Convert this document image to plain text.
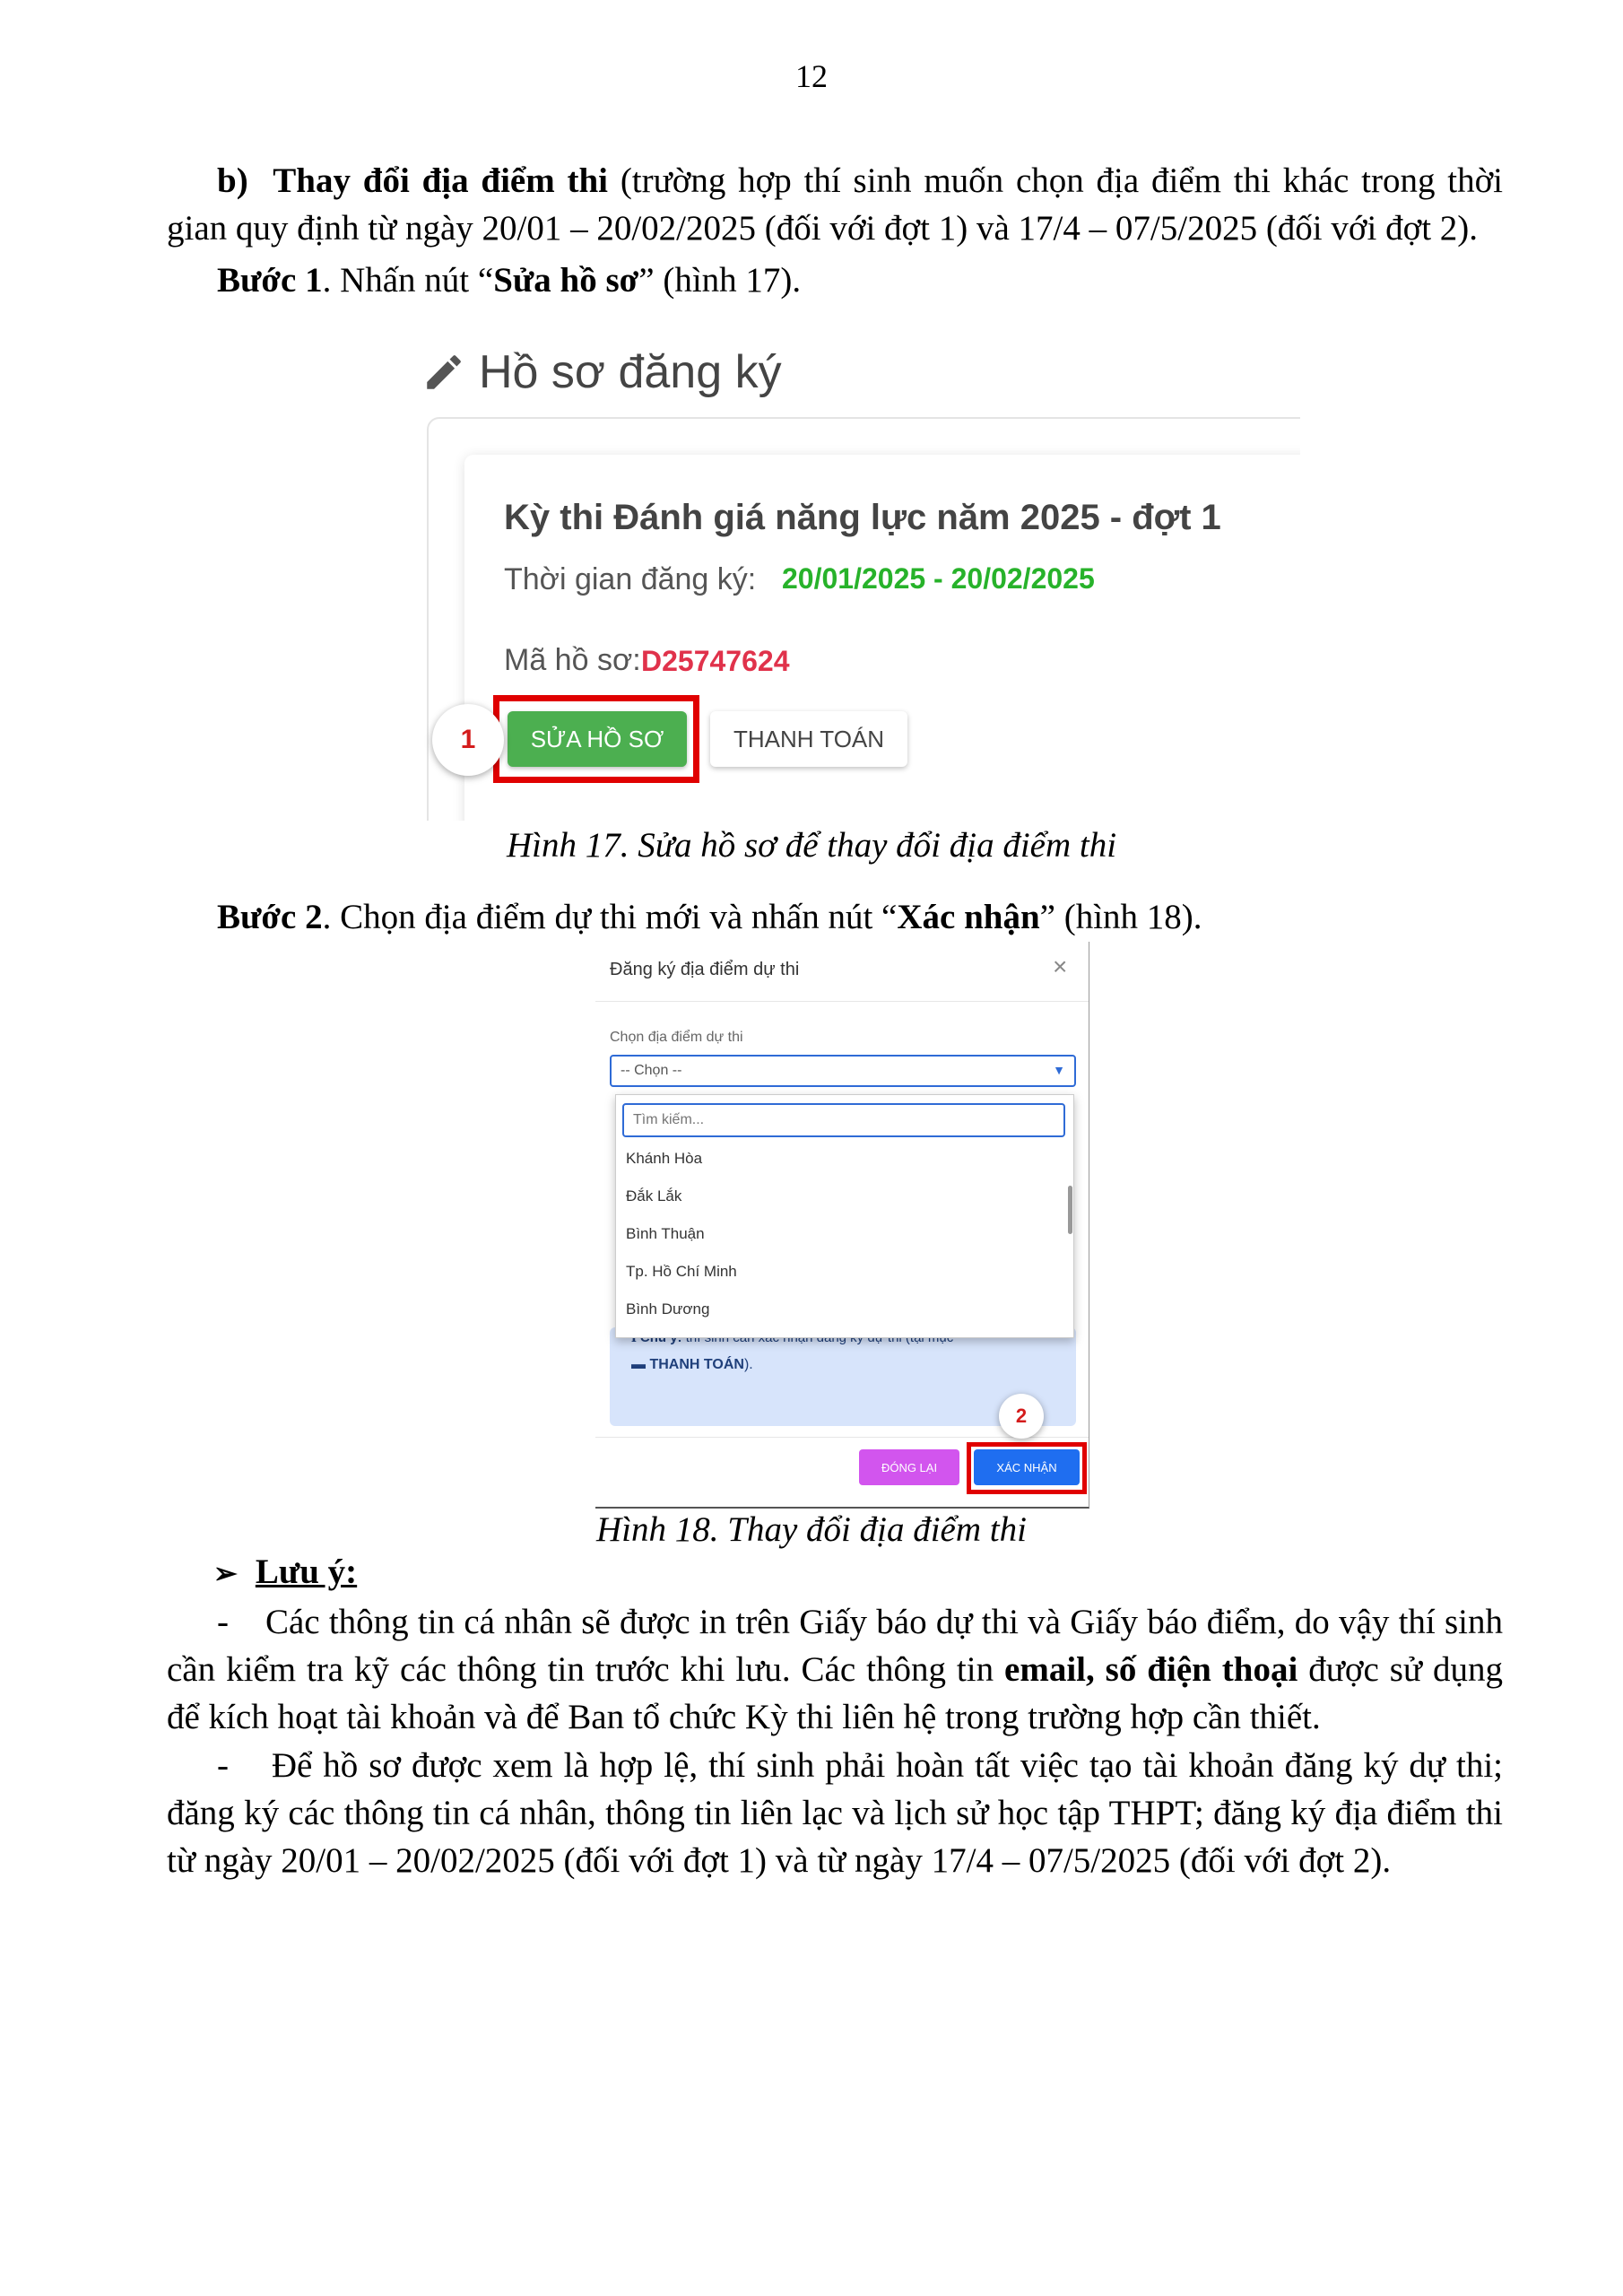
12
b) Thay đổi địa điểm thi (trường hợp thí sinh muốn chọn địa điểm thi khác trong thời gian quy định từ ngày 20/01 – 20/02/2025 (đối với đợt 1) và 17/4 – 07/5/2025 (đối với đợt 2).
Bước 1. Nhấn nút “Sửa hồ sơ” (hình 17).
Hồ sơ đăng ký
Kỳ thi Đánh giá năng lực năm 2025 - đợt 1
Thời gian đăng ký: 20/01/2025 - 20/02/2025
Mã hồ sơ: D25747624
SỬA HỒ SƠ	THANH TOÁN
1
Hình 17. Sửa hồ sơ để thay đổi địa điểm thi
Bước 2. Chọn địa điểm dự thi mới và nhấn nút “Xác nhận” (hình 18).
Đăng ký địa điểm dự thi	×
Chọn địa điểm dự thi
-- Chọn --	▼
▬ THANH TOÁN).
Tìm kiếm...
Khánh Hòa
Đắk Lắk
Bình Thuận
Tp. Hồ Chí Minh
Bình Dương
ĐÓNG LẠI	XÁC NHẬN
2
Hình 18. Thay đổi địa điểm thi
➢ Lưu ý:
- Các thông tin cá nhân sẽ được in trên Giấy báo dự thi và Giấy báo điểm, do vậy thí sinh cần kiểm tra kỹ các thông tin trước khi lưu. Các thông tin email, số điện thoại được sử dụng để kích hoạt tài khoản và để Ban tổ chức Kỳ thi liên hệ trong trường hợp cần thiết.
- Để hồ sơ được xem là hợp lệ, thí sinh phải hoàn tất việc tạo tài khoản đăng ký dự thi; đăng ký các thông tin cá nhân, thông tin liên lạc và lịch sử học tập THPT; đăng ký địa điểm thi từ ngày 20/01 – 20/02/2025 (đối với đợt 1) và từ ngày 17/4 – 07/5/2025 (đối với đợt 2).
